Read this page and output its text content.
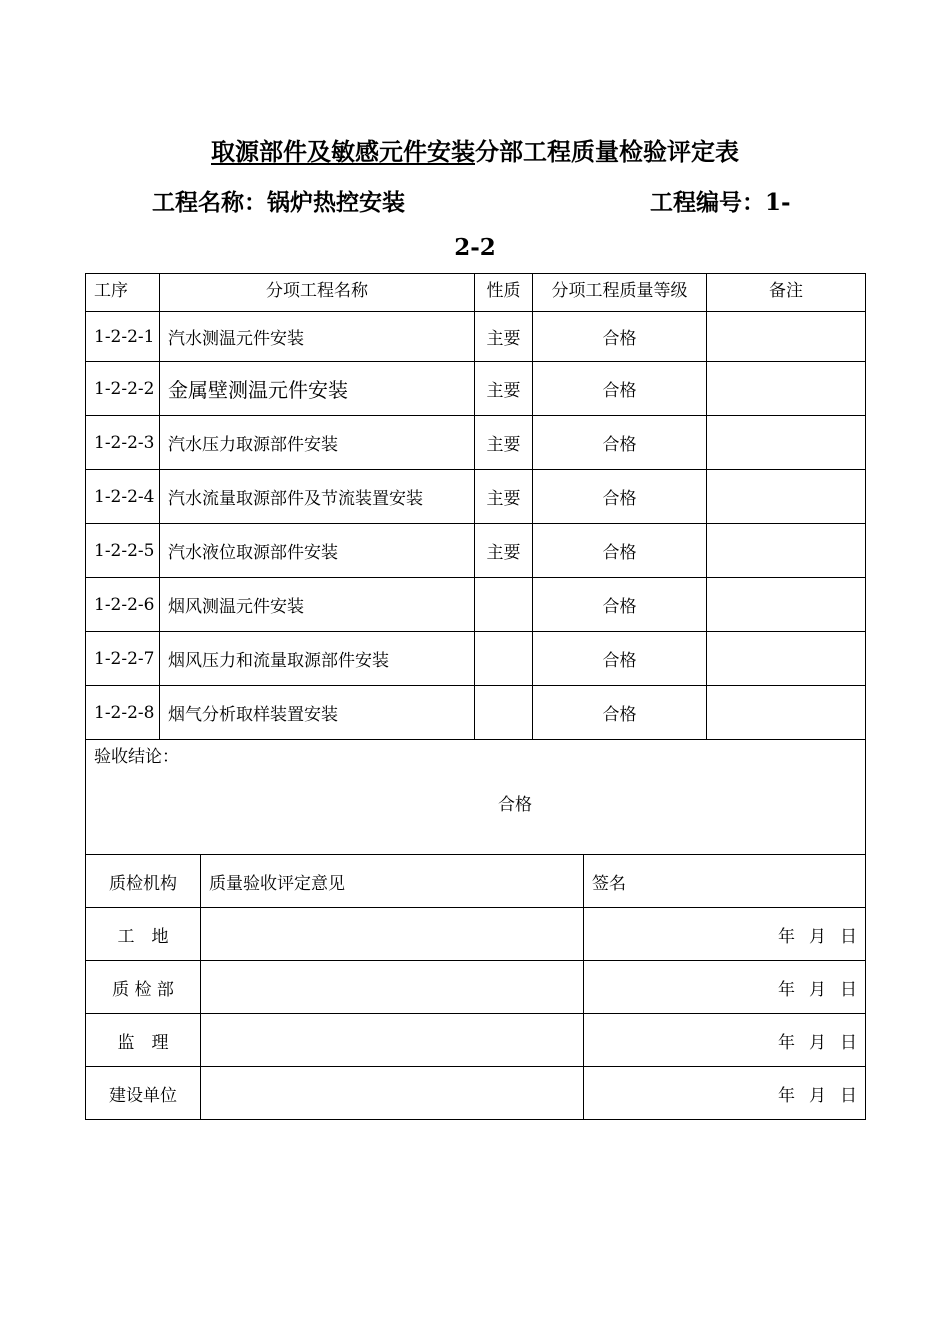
取源部件及敏感元件安装分部工程质量检验评定表
工程名称：锅炉热控安装	工程编号：1-
2-2
工序	分项工程名称	性质	分项工程质量等级	备注
1-2-2-1	汽水测温元件安装	主要	合格	
1-2-2-2	金属壁测温元件安装	主要	合格	
1-2-2-3	汽水压力取源部件安装	主要	合格	
1-2-2-4	汽水流量取源部件及节流装置安装	主要	合格	
1-2-2-5	汽水液位取源部件安装	主要	合格	
1-2-2-6	烟风测温元件安装		合格	
1-2-2-7	烟风压力和流量取源部件安装		合格	
1-2-2-8	烟气分析取样装置安装		合格	

验收结论：
合格				
质检机构	质量验收评定意见	签名
工　地		年 月 日
质 检 部		年 月 日
监　理		年 月 日
建设单位		年 月 日
